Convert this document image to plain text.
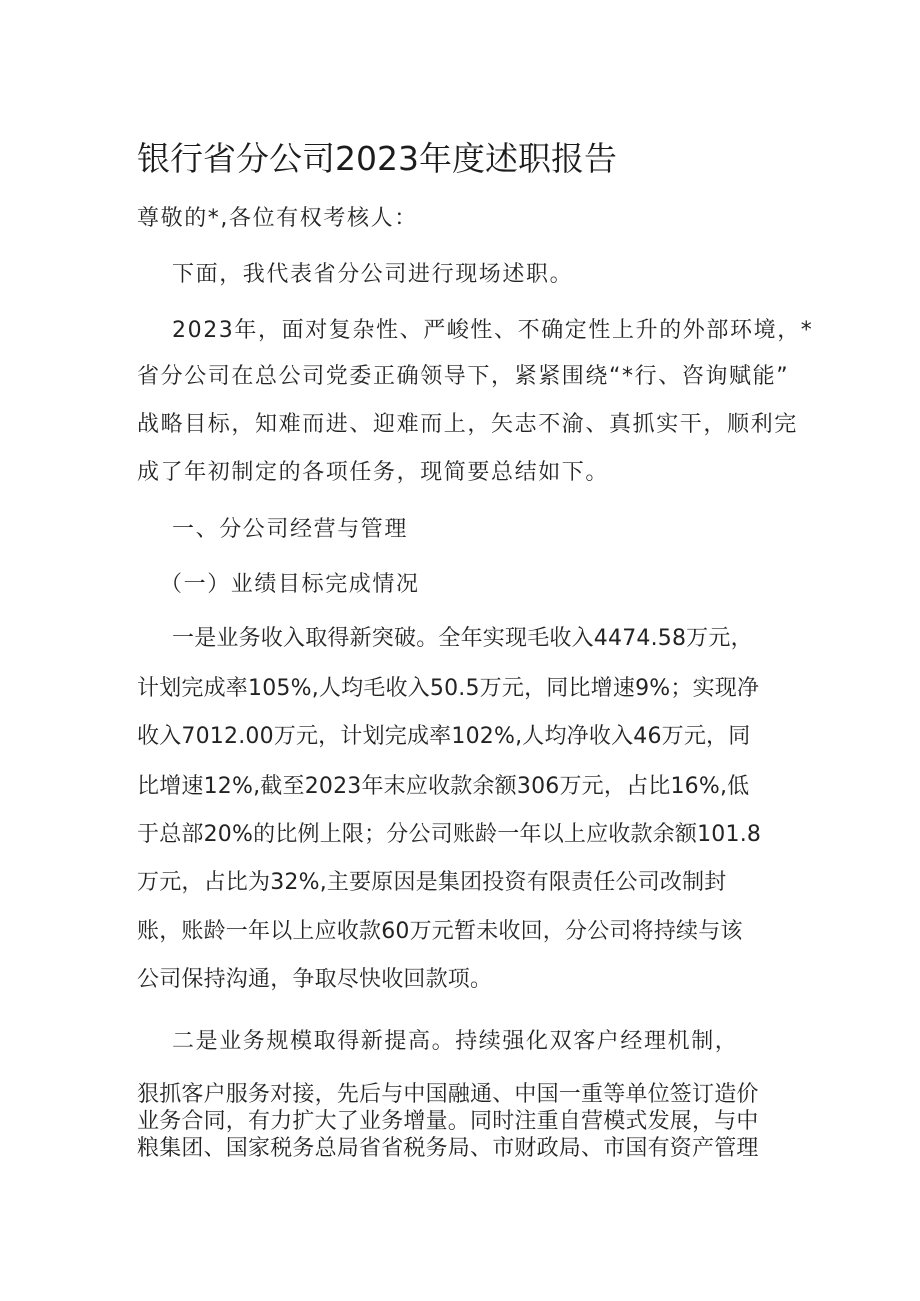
银行省分公司2023年度述职报告
尊敬的*,各位有权考核人：
下面，我代表省分公司进行现场述职。
2023年，面对复杂性、严峻性、不确定性上升的外部环境，*
省分公司在总公司党委正确领导下，紧紧围绕“*行、咨询赋能”
战略目标，知难而进、迎难而上，矢志不渝、真抓实干，顺利完
成了年初制定的各项任务，现简要总结如下。
一、分公司经营与管理
（一）业绩目标完成情况
一是业务收入取得新突破。全年实现毛收入4474.58万元，
计划完成率105%,人均毛收入50.5万元，同比增速9%；实现净
收入7012.00万元，计划完成率102%,人均净收入46万元，同
比增速12%,截至2023年末应收款余额306万元，占比16%,低
于总部20%的比例上限；分公司账龄一年以上应收款余额101.8
万元，占比为32%,主要原因是集团投资有限责任公司改制封
账，账龄一年以上应收款60万元暂未收回，分公司将持续与该
公司保持沟通，争取尽快收回款项。
二是业务规模取得新提高。持续强化双客户经理机制，
狠抓客户服务对接，先后与中国融通、中国一重等单位签订造价
业务合同，有力扩大了业务增量。同时注重自营模式发展，与中
粮集团、国家税务总局省省税务局、市财政局、市国有资产管理
